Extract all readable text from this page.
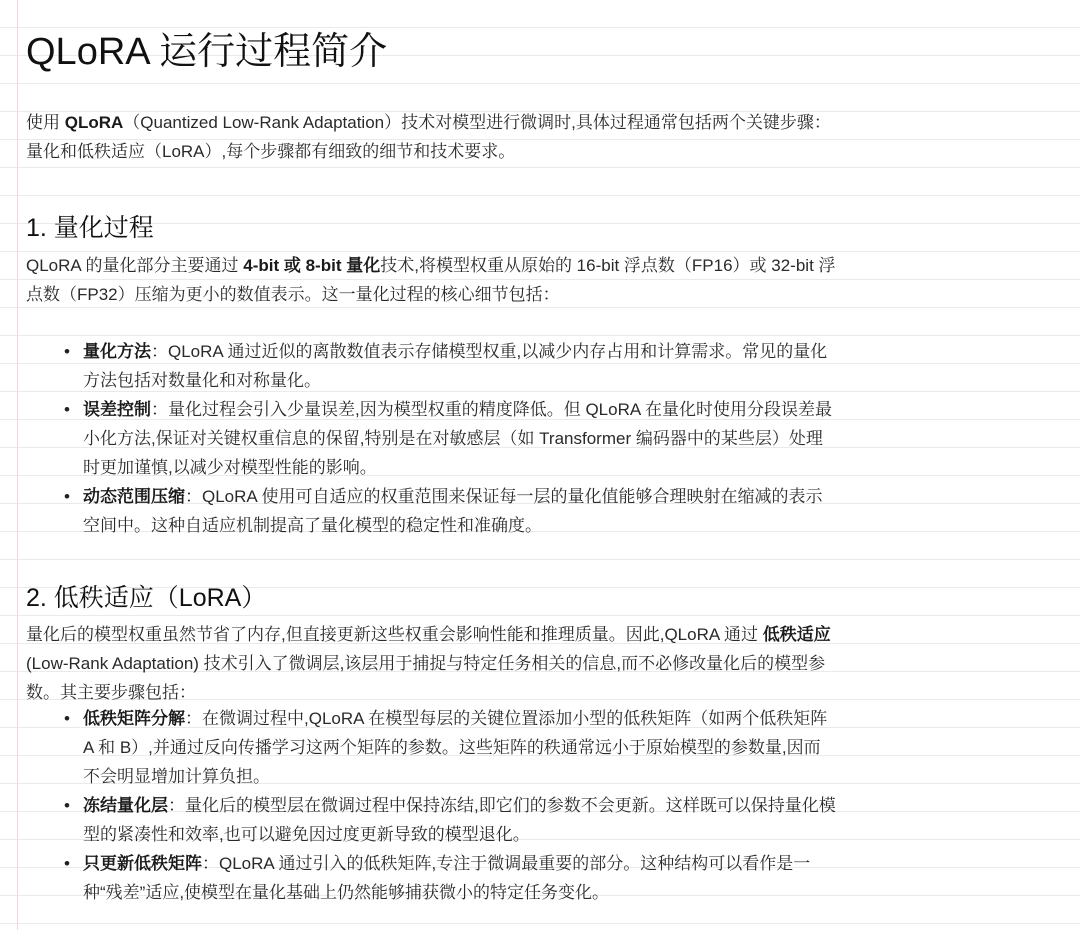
QLoRA 运行过程简介

使用 QLoRA（Quantized Low-Rank Adaptation）技术对模型进行微调时,具体过程通常包括两个关键步骤：量化和低秩适应（LoRA）,每个步骤都有细致的细节和技术要求。

1. 量化过程

QLoRA 的量化部分主要通过 4-bit 或 8-bit 量化技术,将模型权重从原始的 16-bit 浮点数（FP16）或 32-bit 浮点数（FP32）压缩为更小的数值表示。这一量化过程的核心细节包括：

• 量化方法：QLoRA 通过近似的离散数值表示存储模型权重,以减少内存占用和计算需求。常见的量化方法包括对数量化和对称量化。
• 误差控制：量化过程会引入少量误差,因为模型权重的精度降低。但 QLoRA 在量化时使用分段误差最小化方法,保证对关键权重信息的保留,特别是在对敏感层（如 Transformer 编码器中的某些层）处理时更加谨慎,以减少对模型性能的影响。
• 动态范围压缩：QLoRA 使用可自适应的权重范围来保证每一层的量化值能够合理映射在缩减的表示空间中。这种自适应机制提高了量化模型的稳定性和准确度。
2. 低秩适应（LoRA）

量化后的模型权重虽然节省了内存,但直接更新这些权重会影响性能和推理质量。因此,QLoRA 通过 低秩适应 (Low-Rank Adaptation) 技术引入了微调层,该层用于捕捉与特定任务相关的信息,而不必修改量化后的模型参数。其主要步骤包括：

• 低秩矩阵分解：在微调过程中,QLoRA 在模型每层的关键位置添加小型的低秩矩阵（如两个低秩矩阵 A 和 B）,并通过反向传播学习这两个矩阵的参数。这些矩阵的秩通常远小于原始模型的参数量,因而不会明显增加计算负担。
• 冻结量化层：量化后的模型层在微调过程中保持冻结,即它们的参数不会更新。这样既可以保持量化模型的紧凑性和效率,也可以避免因过度更新导致的模型退化。
• 只更新低秩矩阵：QLoRA 通过引入的低秩矩阵,专注于微调最重要的部分。这种结构可以看作是一种“残差”适应,使模型在量化基础上仍然能够捕获微小的特定任务变化。
